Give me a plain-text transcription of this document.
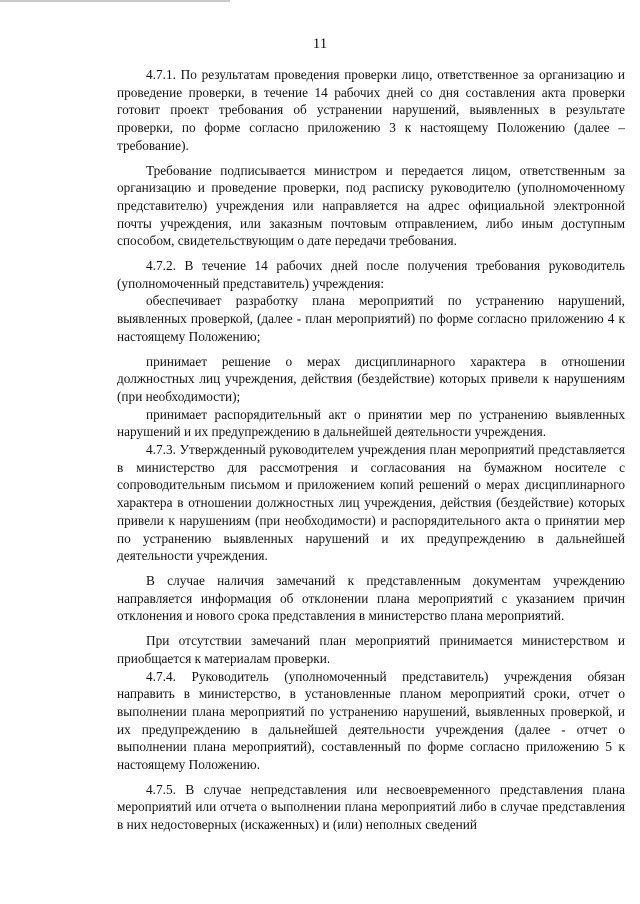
11

4.7.1. По результатам проведения проверки лицо, ответственное за организацию и проведение проверки, в течение 14 рабочих дней со дня составления акта проверки готовит проект требования об устранении нарушений, выявленных в результате проверки, по форме согласно приложению 3 к настоящему Положению (далее – требование).

Требование подписывается министром и передается лицом, ответственным за организацию и проведение проверки, под расписку руководителю (уполномоченному представителю) учреждения или направляется на адрес официальной электронной почты учреждения, или заказным почтовым отправлением, либо иным доступным способом, свидетельствующим о дате передачи требования.

4.7.2. В течение 14 рабочих дней после получения требования руководитель (уполномоченный представитель) учреждения:

обеспечивает разработку плана мероприятий по устранению нарушений, выявленных проверкой, (далее - план мероприятий) по форме согласно приложению 4 к настоящему Положению;

принимает решение о мерах дисциплинарного характера в отношении должностных лиц учреждения, действия (бездействие) которых привели к нарушениям (при необходимости);

принимает распорядительный акт о принятии мер по устранению выявленных нарушений и их предупреждению в дальнейшей деятельности учреждения.

4.7.3. Утвержденный руководителем учреждения план мероприятий представляется в министерство для рассмотрения и согласования на бумажном носителе с сопроводительным письмом и приложением копий решений о мерах дисциплинарного характера в отношении должностных лиц учреждения, действия (бездействие) которых привели к нарушениям (при необходимости) и распорядительного акта о принятии мер по устранению выявленных нарушений и их предупреждению в дальнейшей деятельности учреждения.

В случае наличия замечаний к представленным документам учреждению направляется информация об отклонении плана мероприятий с указанием причин отклонения и нового срока представления в министерство плана мероприятий.

При отсутствии замечаний план мероприятий принимается министерством и приобщается к материалам проверки.

4.7.4. Руководитель (уполномоченный представитель) учреждения обязан направить в министерство, в установленные планом мероприятий сроки, отчет о выполнении плана мероприятий по устранению нарушений, выявленных проверкой, и их предупреждению в дальнейшей деятельности учреждения (далее - отчет о выполнении плана мероприятий), составленный по форме согласно приложению 5 к настоящему Положению.

4.7.5. В случае непредставления или несвоевременного представления плана мероприятий или отчета о выполнении плана мероприятий либо в случае представления в них недостоверных (искаженных) и (или) неполных сведений
